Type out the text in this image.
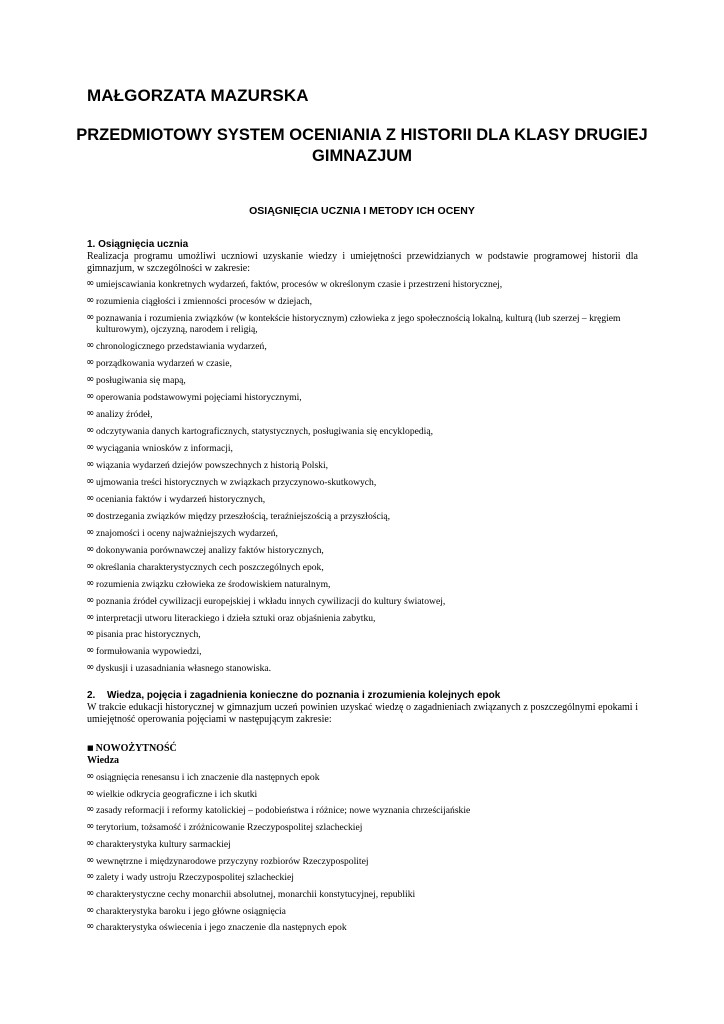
MAŁGORZATA MAZURSKA
PRZEDMIOTOWY SYSTEM OCENIANIA Z HISTORII DLA KLASY DRUGIEJ GIMNAZJUM
OSIĄGNIĘCIA UCZNIA I METODY ICH OCENY

1. Osiągnięcia ucznia

Realizacja programu umożliwi uczniowi uzyskanie wiedzy i umiejętności przewidzianych w podstawie programowej historii dla gimnazjum, w szczególności w zakresie:

∞ umiejscawiania konkretnych wydarzeń, faktów, procesów w określonym czasie i przestrzeni historycznej,
∞ rozumienia ciągłości i zmienności procesów w dziejach,
∞ poznawania i rozumienia związków (w kontekście historycznym) człowieka z jego społecznością lokalną, kulturą (lub szerzej – kręgiem kulturowym), ojczyzną, narodem i religią,
∞ chronologicznego przedstawiania wydarzeń,
∞ porządkowania wydarzeń w czasie,
∞ posługiwania się mapą,
∞ operowania podstawowymi pojęciami historycznymi,
∞ analizy źródeł,
∞ odczytywania danych kartograficznych, statystycznych, posługiwania się encyklopedią,
∞ wyciągania wniosków z informacji,
∞ wiązania wydarzeń dziejów powszechnych z historią Polski,
∞ ujmowania treści historycznych w związkach przyczynowo-skutkowych,
∞ oceniania faktów i wydarzeń historycznych,
∞ dostrzegania związków między przeszłością, teraźniejszością a przyszłością,
∞ znajomości i oceny najważniejszych wydarzeń,
∞ dokonywania porównawczej analizy faktów historycznych,
∞ określania charakterystycznych cech poszczególnych epok,
∞ rozumienia związku człowieka ze środowiskiem naturalnym,
∞ poznania źródeł cywilizacji europejskiej i wkładu innych cywilizacji do kultury światowej,
∞ interpretacji utworu literackiego i dzieła sztuki oraz objaśnienia zabytku,
∞ pisania prac historycznych,
∞ formułowania wypowiedzi,
∞ dyskusji i uzasadniania własnego stanowiska.

2. Wiedza, pojęcia i zagadnienia konieczne do poznania i zrozumienia kolejnych epok

W trakcie edukacji historycznej w gimnazjum uczeń powinien uzyskać wiedzę o zagadnieniach związanych z poszczególnymi epokami i umiejętność operowania pojęciami w następującym zakresie:

■ NOWOŻYTNOŚĆ
Wiedza
∞ osiągnięcia renesansu i ich znaczenie dla następnych epok
∞ wielkie odkrycia geograficzne i ich skutki
∞ zasady reformacji i reformy katolickiej – podobieństwa i różnice; nowe wyznania chrześcijańskie
∞ terytorium, tożsamość i zróżnicowanie Rzeczypospolitej szlacheckiej
∞ charakterystyka kultury sarmackiej
∞ wewnętrzne i międzynarodowe przyczyny rozbiorów Rzeczypospolitej
∞ zalety i wady ustroju Rzeczypospolitej szlacheckiej
∞ charakterystyczne cechy monarchii absolutnej, monarchii konstytucyjnej, republiki
∞ charakterystyka baroku i jego główne osiągnięcia
∞ charakterystyka oświecenia i jego znaczenie dla następnych epok
